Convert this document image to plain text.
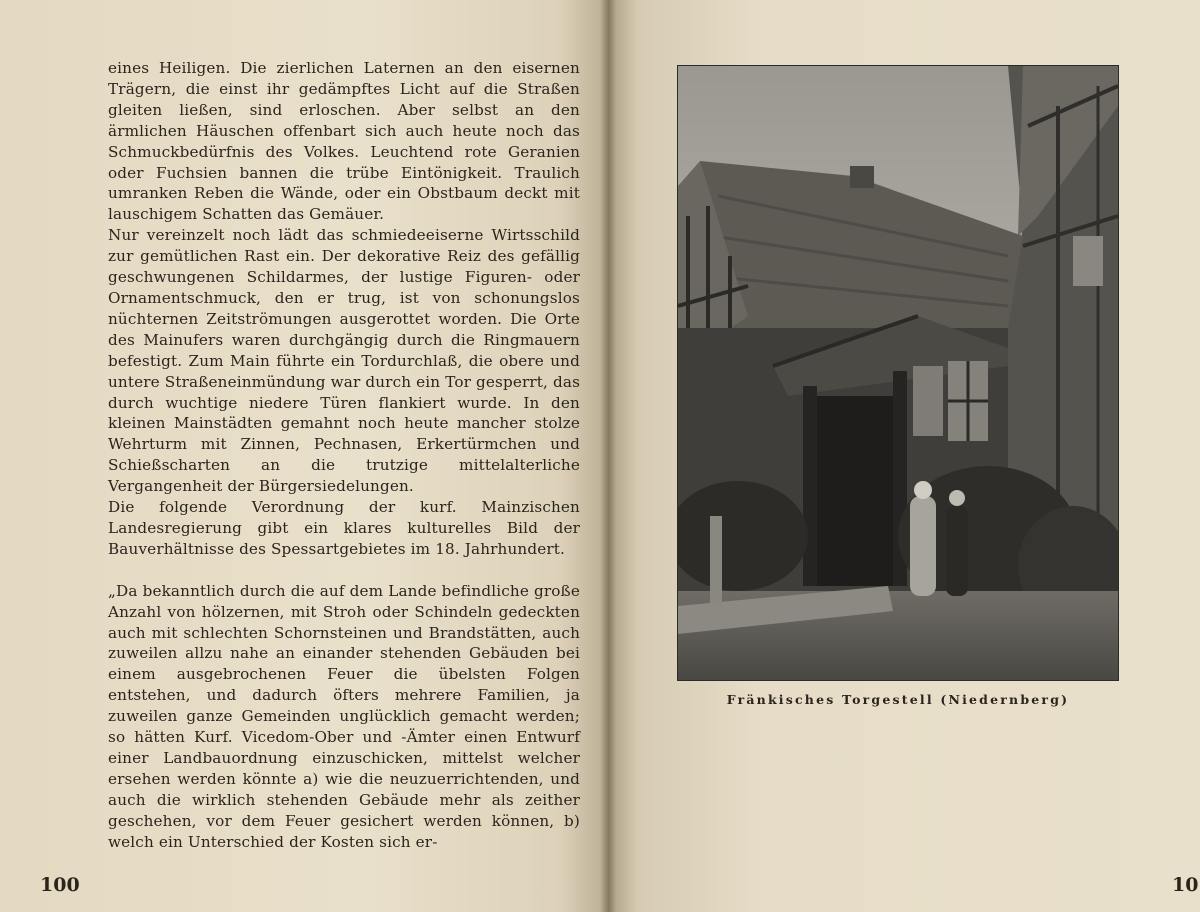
eines Heiligen. Die zierlichen Laternen an den eisernen Trägern, die einst ihr gedämpftes Licht auf die Straßen gleiten ließen, sind erloschen. Aber selbst an den ärmlichen Häuschen offenbart sich auch heute noch das Schmuckbedürfnis des Volkes. Leuchtend rote Geranien oder Fuchsien bannen die trübe Eintönigkeit. Traulich umranken Reben die Wände, oder ein Obstbaum deckt mit lauschigem Schatten das Gemäuer.

Nur vereinzelt noch lädt das schmiedeeiserne Wirtsschild zur gemütlichen Rast ein. Der dekorative Reiz des gefällig geschwungenen Schildarmes, der lustige Figuren- oder Ornamentschmuck, den er trug, ist von schonungslos nüchternen Zeitströmungen ausgerottet worden. Die Orte des Mainufers waren durchgängig durch die Ringmauern befestigt. Zum Main führte ein Tordurchlaß, die obere und untere Straßeneinmündung war durch ein Tor gesperrt, das durch wuchtige niedere Türen flankiert wurde. In den kleinen Mainstädten gemahnt noch heute mancher stolze Wehrturm mit Zinnen, Pechnasen, Erkertürmchen und Schießscharten an die trutzige mittelalterliche Vergangenheit der Bürgersiedelungen.

Die folgende Verordnung der kurf. Mainzischen Landesregierung gibt ein klares kulturelles Bild der Bauverhältnisse des Spessartgebietes im 18. Jahrhundert.

„Da bekanntlich durch die auf dem Lande befindliche große Anzahl von hölzernen, mit Stroh oder Schindeln gedeckten auch mit schlechten Schornsteinen und Brandstätten, auch zuweilen allzu nahe an einander stehenden Gebäuden bei einem ausgebrochenen Feuer die übelsten Folgen entstehen, und dadurch öfters mehrere Familien, ja zuweilen ganze Gemeinden unglücklich gemacht werden; so hätten Kurf. Vicedom-Ober und -Ämter einen Entwurf einer Landbauordnung einzuschicken, mittelst welcher ersehen werden könnte a) wie die neuzuerrichtenden, und auch die wirklich stehenden Gebäude mehr als zeither geschehen, vor dem Feuer gesichert werden können, b) welch ein Unterschied der Kosten sich er-

100	10
Fränkisches Torgestell (Niedernberg)
